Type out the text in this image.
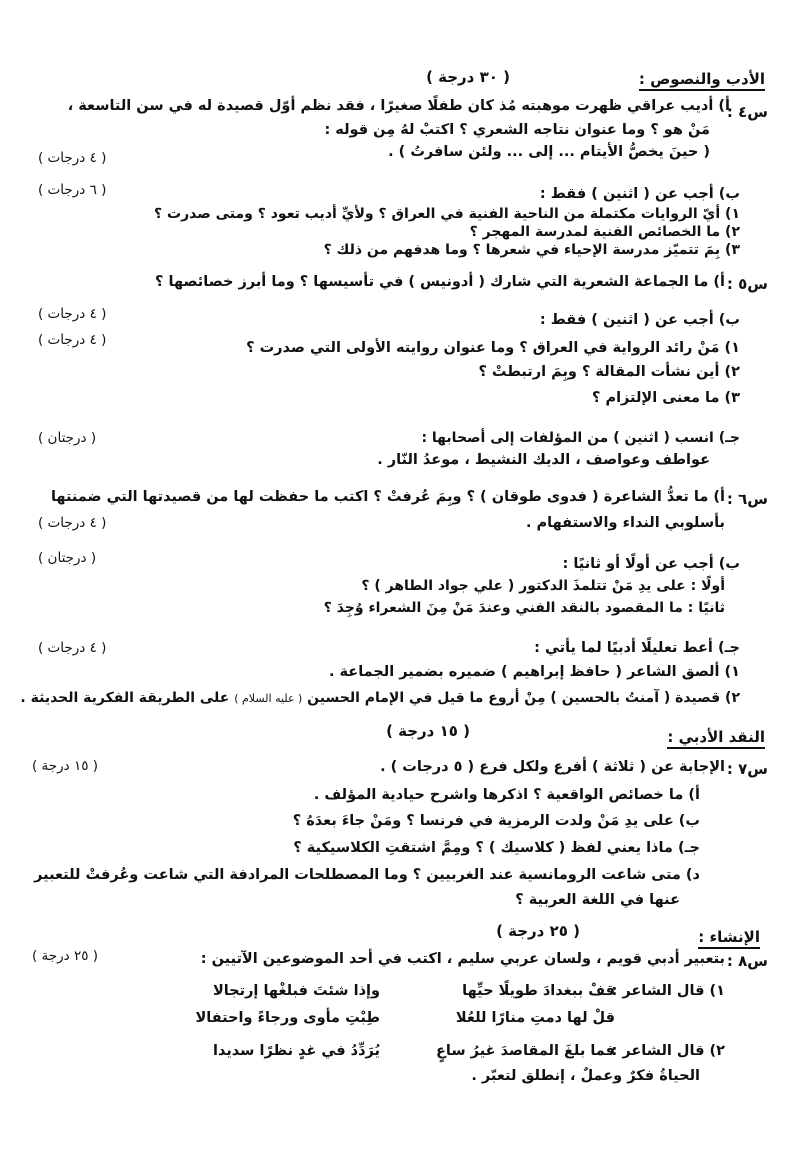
الأدب والنصوص :
( ٣٠ درجة )
س٤ :
أ) أديب عراقي ظهرت موهبته مُذ كان طفلًا صغيرًا ، فقد نظم أوّل قصيدة له في سن التاسعة ،
مَنْ هو ؟ وما عنوان نتاجه الشعري ؟ اكتبْ لهُ مِن قوله :
( حينَ يخصُّ الأيتام ... إلى ... ولئن سافرتُ ) .
( ٤ درجات )
( ٦ درجات )	ب) أجب عن ( اثنين ) فقط :
١) أيّ الروايات مكتملة من الناحية الفنية في العراق ؟ ولأيِّ أديب تعود ؟ ومتى صدرت ؟
٢) ما الخصائص الفنية لمدرسة المهجر ؟
٣) بِمَ تتميّز مدرسة الإحياء في شعرها ؟ وما هدفهم من ذلك ؟
س٥ :
أ) ما الجماعة الشعرية التي شارك ( أدونيس ) في تأسيسها ؟ وما أبرز خصائصها ؟
( ٤ درجات )	ب) أجب عن ( اثنين ) فقط :
( ٤ درجات )	١) مَنْ رائد الرواية في العراق ؟ وما عنوان روايته الأولى التي صدرت ؟
٢) أين نشأت المقالة ؟ وبِمَ ارتبطتْ ؟
٣) ما معنى الإلتزام ؟
( درجتان )	جـ) انسب ( اثنين ) من المؤلفات إلى أصحابها :
عواطف وعواصف ، الديك النشيط ، موعدُ النّار .
س٦ :
أ) ما تعدُّ الشاعرة ( فدوى طوقان ) ؟ وبِمَ عُرفتْ ؟ اكتب ما حفظت لها من قصيدتها التي ضمنتها
بأسلوبي النداء والاستفهام .
( ٤ درجات )
( درجتان )	ب) أجب عن أولًا أو ثانيًا :
أولًا : على يدِ مَنْ تتلمذَ الدكتور ( علي جواد الطاهر ) ؟
ثانيًا : ما المقصود بالنقد الفني وعندَ مَنْ مِنَ الشعراء وُجِدَ ؟
( ٤ درجات )	جـ) أعط تعليلًا أدبيًا لما يأتي :
١) ألصق الشاعر ( حافظ إبراهيم ) ضميره بضمير الجماعة .
٢) قصيدة ( آمنتُ بالحسين ) مِنْ أروع ما قيل في الإمام الحسين ( عليه السلام ) على الطريقة الفكرية الحديثة .
النقد الأدبي :
( ١٥ درجة )
س٧ :
الإجابة عن ( ثلاثة ) أفرع ولكل فرع ( ٥ درجات ) .
( ١٥ درجة )
أ) ما خصائص الواقعية ؟ اذكرها واشرح حيادية المؤلف .
ب) على يدِ مَنْ ولدت الرمزية في فرنسا ؟ ومَنْ جاءَ بعدَهُ ؟
جـ) ماذا يعني لفظ ( كلاسيك ) ؟ ومِمَّ اشتقتِ الكلاسيكية ؟
د) متى شاعت الرومانسية عند الغربيين ؟ وما المصطلحات المرادفة التي شاعت وعُرفتْ للتعبير
عنها في اللغة العربية ؟
الإنشاء :
( ٢٥ درجة )
س٨ :
بتعبير أدبي قويم ، ولسان عربي سليم ، اكتب في أحد الموضوعين الآتيين :
( ٢٥ درجة )
١) قال الشاعر :
قفْ ببغدادَ طويلًا حيِّها
وإذا شئتَ فبلغْها إرتجالا
قلْ لها دمتِ منارًا للعُلا
طِبْتِ مأوى ورجاءً واحتفالا
٢) قال الشاعر :
فما بلغَ المقاصدَ غيرُ ساعٍ
يُرَدِّدُ في غدٍ نظرًا سديدا
الحياةُ فكرٌ وعملٌ ، إنطلق لتعبّر .
